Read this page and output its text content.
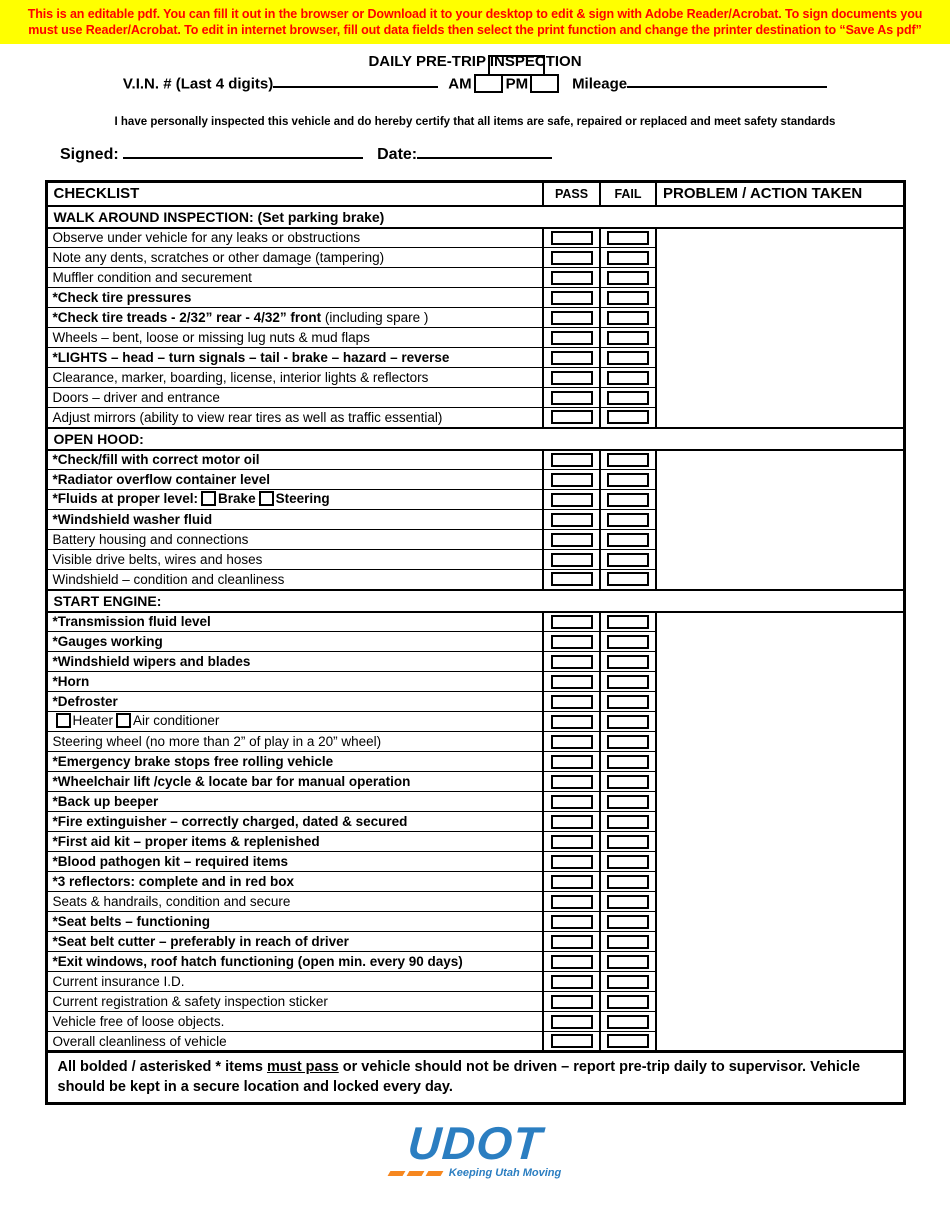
This is an editable pdf. You can fill it out in the browser or Download it to your desktop to edit & sign with Adobe Reader/Acrobat. To sign documents you
must use Reader/Acrobat. To edit in internet browser, fill out data fields then select the print function and change the printer destination to “Save As pdf”
DAILY PRE-TRIP INSPECTION
V.I.N. # (Last 4 digits)	AM PM	Mileage
I have personally inspected this vehicle and do hereby certify that all items are safe, repaired or replaced and meet safety standards
Signed:	Date:
CHECKLIST	PASS	FAIL	PROBLEM / ACTION TAKEN
WALK AROUND INSPECTION: (Set parking brake)			
Observe under vehicle for any leaks or obstructions	

Note any dents, scratches or other damage (tampering)		

Muffler condition and securement		

*Check tire pressures		

*Check tire treads - 2/32” rear - 4/32” front (including spare )		

Wheels – bent, loose or missing lug nuts & mud flaps		

*LIGHTS – head – turn signals – tail - brake – hazard – reverse		

Clearance, marker, boarding, license, interior lights & reflectors		

Doors – driver and entrance		

Adjust mirrors (ability to view rear tires as well as traffic essential)		

OPEN HOOD:			
*Check/fill with correct motor oil	

*Radiator overflow container level		

*Fluids at proper level: Brake Steering		

*Windshield washer fluid		

Battery housing and connections		

Visible drive belts, wires and hoses		

Windshield – condition and cleanliness		

START ENGINE:			
*Transmission fluid level	

*Gauges working		

*Windshield wipers and blades		

*Horn		

*Defroster		

Heater Air conditioner		

Steering wheel (no more than 2” of play in a 20” wheel)		

*Emergency brake stops free rolling vehicle		

*Wheelchair lift /cycle & locate bar for manual operation		

*Back up beeper		

*Fire extinguisher – correctly charged, dated & secured		

*First aid kit – proper items & replenished		

*Blood pathogen kit – required items		

*3 reflectors: complete and in red box		

Seats & handrails, condition and secure		

*Seat belts – functioning		

*Seat belt cutter – preferably in reach of driver		

*Exit windows, roof hatch functioning (open min. every 90 days)		

Current insurance I.D.		

Current registration & safety inspection sticker		

Vehicle free of loose objects.		

Overall cleanliness of vehicle		

All bolded / asterisked * items must pass or vehicle should not be driven – report pre-trip daily to supervisor. Vehicle should be kept in a secure location and locked every day.			
UDOT
Keeping Utah Moving
